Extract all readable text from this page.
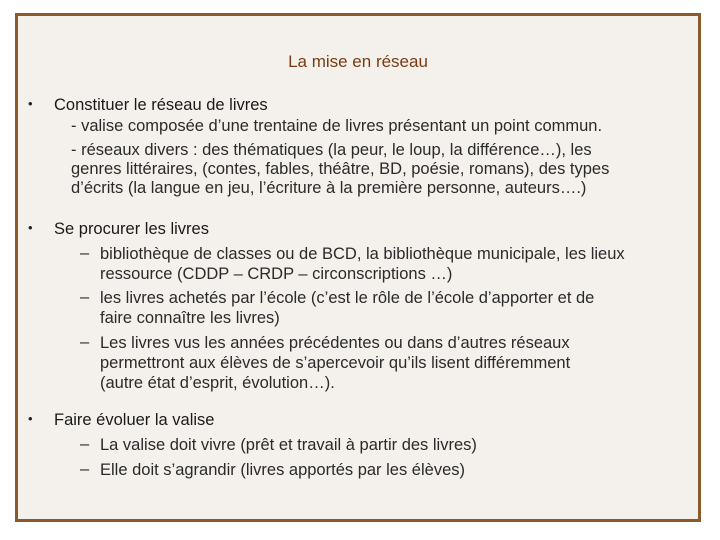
La mise en réseau
•	Constituer le réseau de livres
- valise composée d’une trentaine de livres présentant un point commun.
- réseaux divers : des thématiques (la peur, le loup, la différence…), les
genres littéraires, (contes, fables, théâtre, BD, poésie, romans), des types
d’écrits (la langue en jeu, l’écriture à la première personne, auteurs….)
•	Se procurer les livres
– bibliothèque de classes ou de BCD, la bibliothèque municipale, les lieux
ressource (CDDP – CRDP – circonscriptions …)
– les livres achetés par l’école (c’est le rôle de l’école d’apporter et de
faire connaître les livres)
– Les livres vus les années précédentes ou dans d’autres réseaux
permettront aux élèves de s’apercevoir qu’ils lisent différemment
(autre état d’esprit, évolution…).
•	Faire évoluer la valise
– La valise doit vivre (prêt et travail à partir des livres)
– Elle doit s’agrandir (livres apportés par les élèves)
